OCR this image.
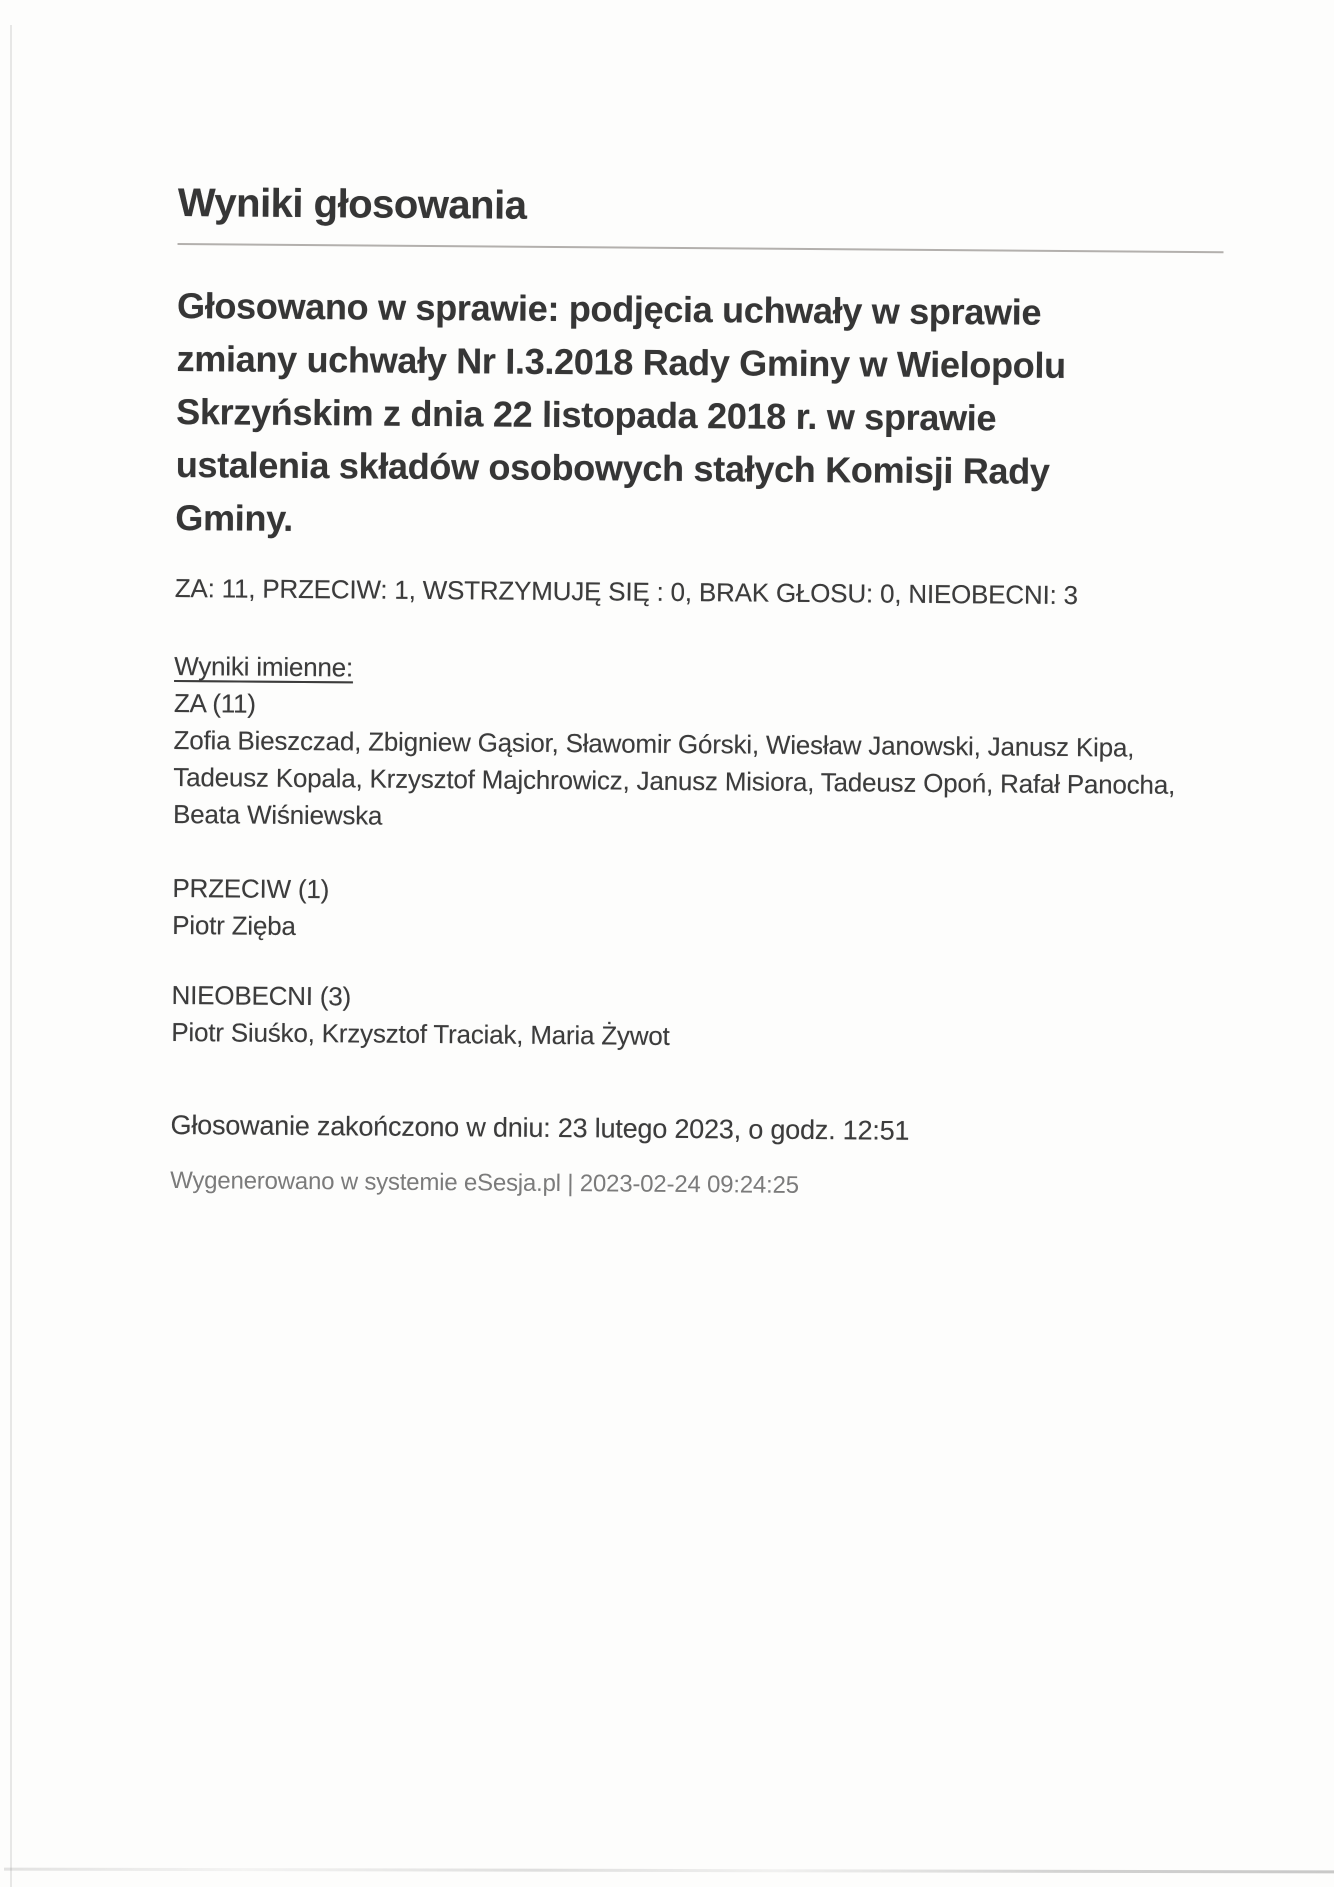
Wyniki głosowania
Głosowano w sprawie: podjęcia uchwały w sprawie
zmiany uchwały Nr I.3.2018 Rady Gminy w Wielopolu
Skrzyńskim z dnia 22 listopada 2018 r. w sprawie
ustalenia składów osobowych stałych Komisji Rady
Gminy.
ZA: 11, PRZECIW: 1, WSTRZYMUJĘ SIĘ : 0, BRAK GŁOSU: 0, NIEOBECNI: 3
Wyniki imienne:
ZA (11)
Zofia Bieszczad, Zbigniew Gąsior, Sławomir Górski, Wiesław Janowski, Janusz Kipa,
Tadeusz Kopala, Krzysztof Majchrowicz, Janusz Misiora, Tadeusz Opoń, Rafał Panocha,
Beata Wiśniewska
PRZECIW (1)
Piotr Zięba
NIEOBECNI (3)
Piotr Siuśko, Krzysztof Traciak, Maria Żywot
Głosowanie zakończono w dniu: 23 lutego 2023, o godz. 12:51
Wygenerowano w systemie eSesja.pl | 2023-02-24 09:24:25
